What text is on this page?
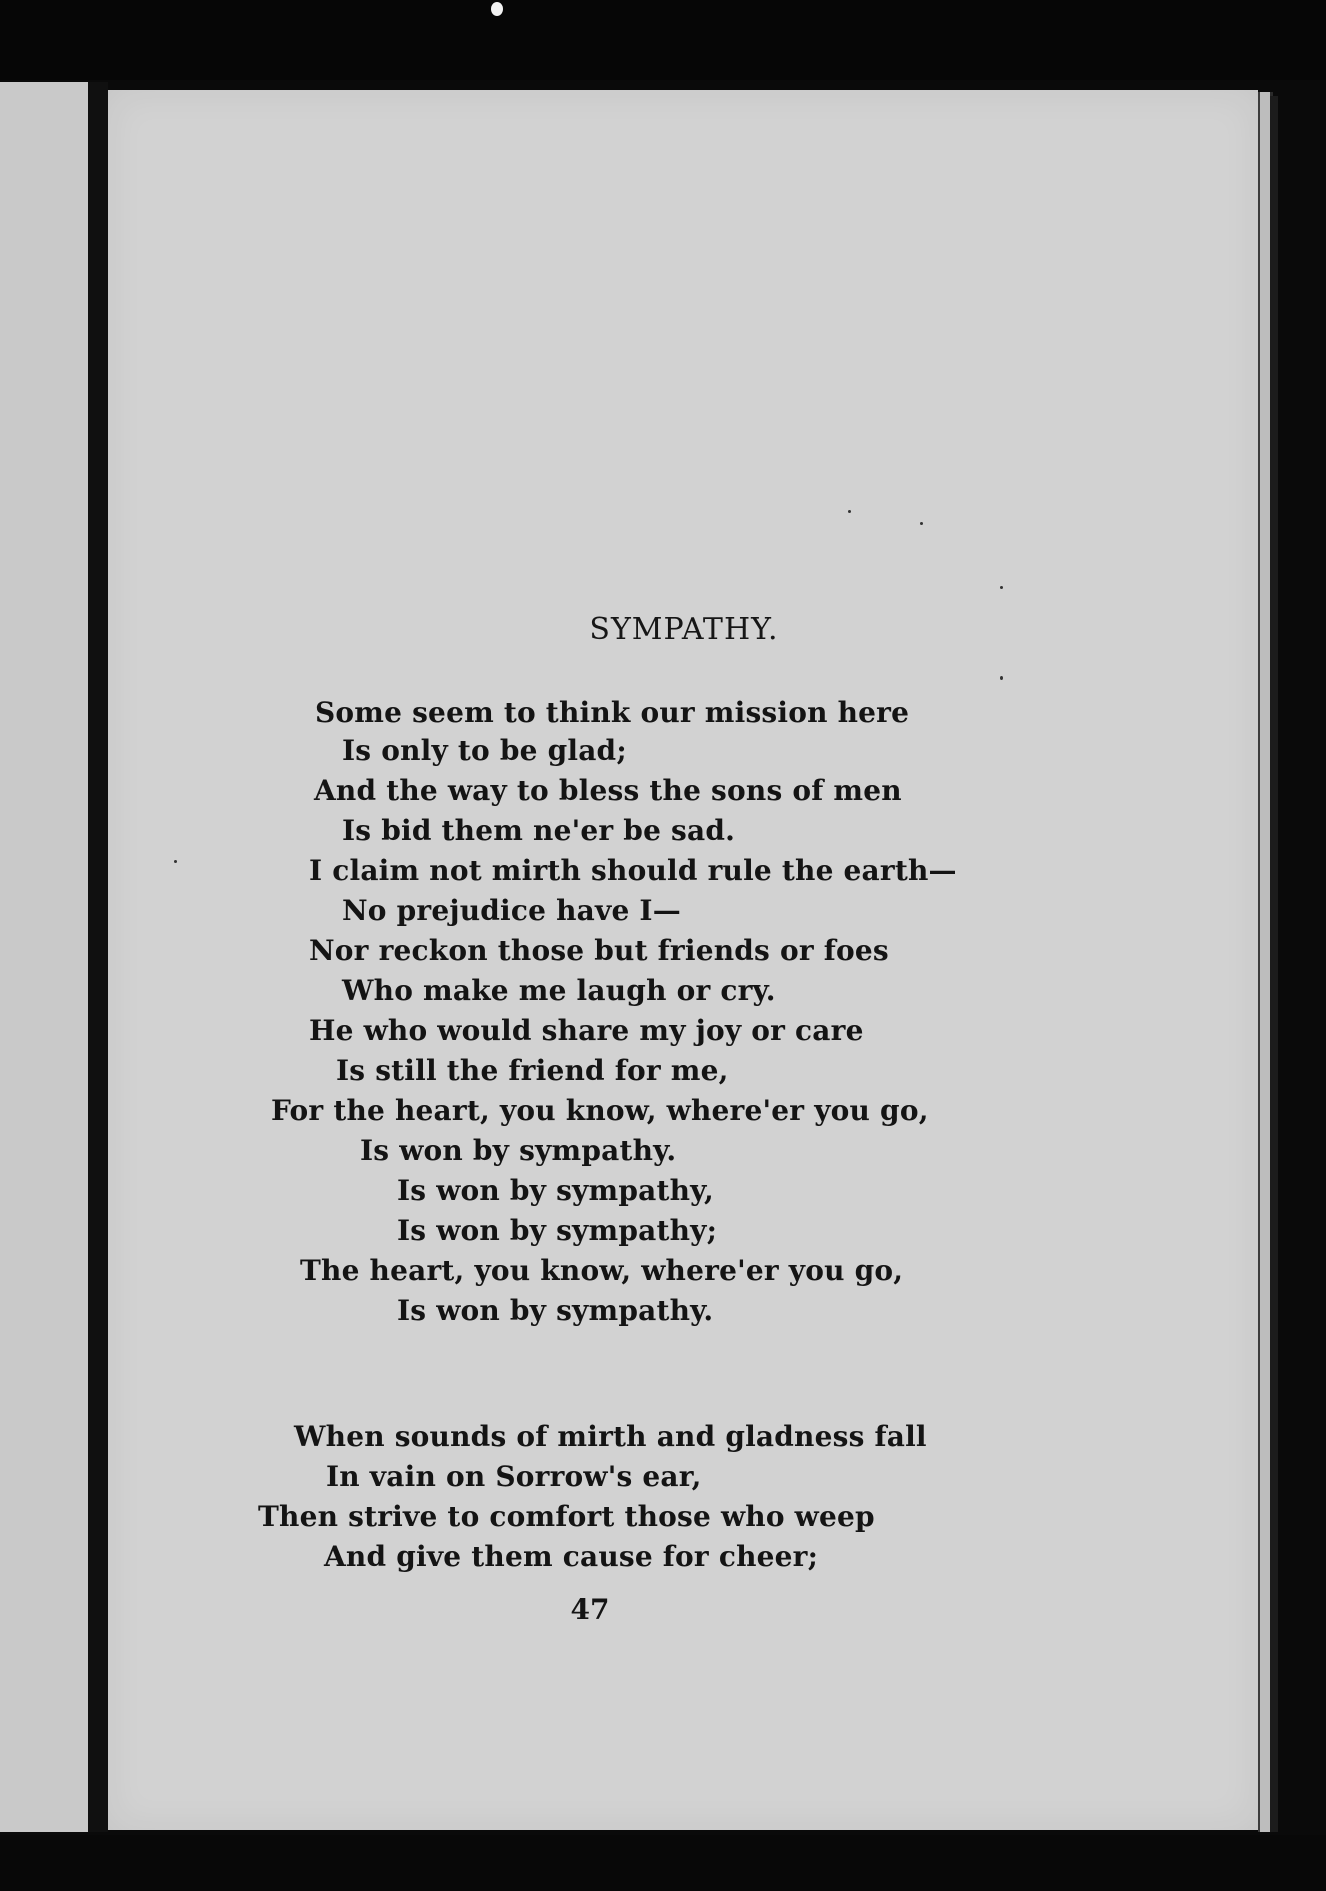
SYMPATHY.
Some seem to think our mission here
Is only to be glad;
And the way to bless the sons of men
Is bid them ne'er be sad.
I claim not mirth should rule the earth—
No prejudice have I—
Nor reckon those but friends or foes
Who make me laugh or cry.
He who would share my joy or care
Is still the friend for me,
For the heart, you know, where'er you go,
Is won by sympathy.
Is won by sympathy,
Is won by sympathy;
The heart, you know, where'er you go,
Is won by sympathy.
When sounds of mirth and gladness fall
In vain on Sorrow's ear,
Then strive to comfort those who weep
And give them cause for cheer;
47
